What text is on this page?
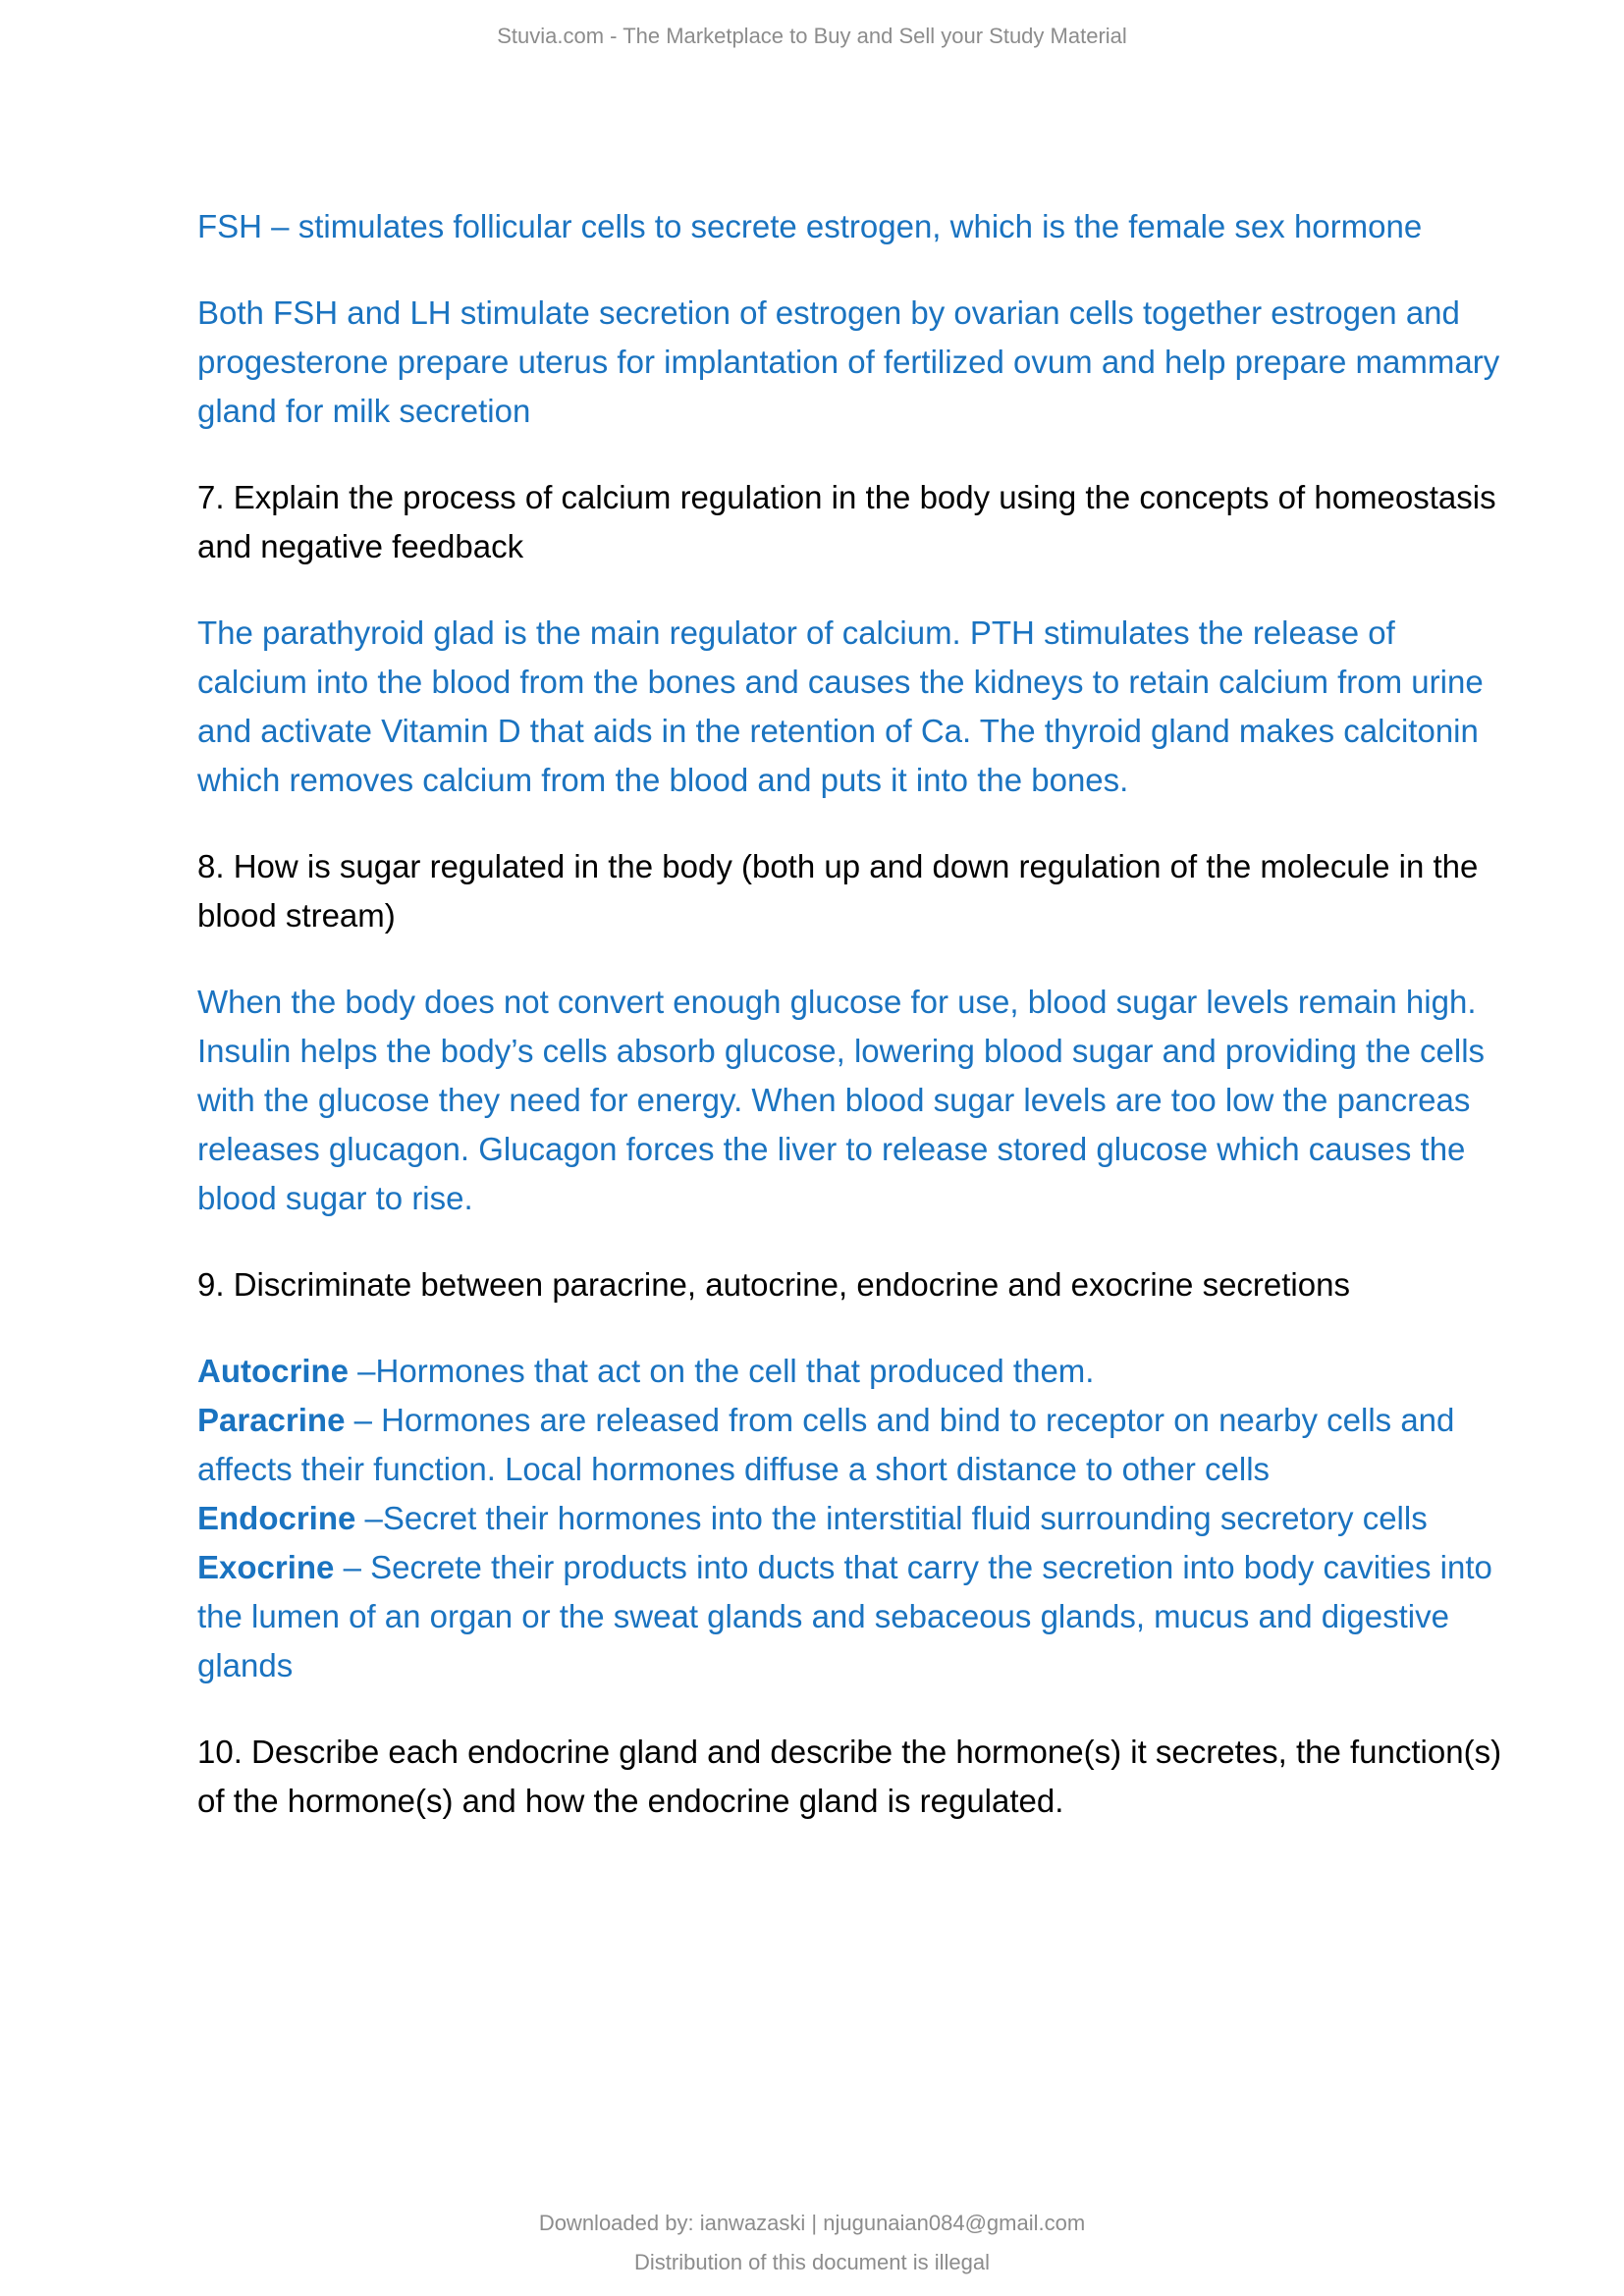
Stuvia.com - The Marketplace to Buy and Sell your Study Material

FSH – stimulates follicular cells to secrete estrogen, which is the female sex hormone

Both FSH and LH stimulate secretion of estrogen by ovarian cells together estrogen and progesterone prepare uterus for implantation of fertilized ovum and help prepare mammary gland for milk secretion

7. Explain the process of calcium regulation in the body using the concepts of homeostasis and negative feedback

The parathyroid glad is the main regulator of calcium. PTH stimulates the release of calcium into the blood from the bones and causes the kidneys to retain calcium from urine and activate Vitamin D that aids in the retention of Ca. The thyroid gland makes calcitonin which removes calcium from the blood and puts it into the bones.

8. How is sugar regulated in the body (both up and down regulation of the molecule in the blood stream)

When the body does not convert enough glucose for use, blood sugar levels remain high. Insulin helps the body’s cells absorb glucose, lowering blood sugar and providing the cells with the glucose they need for energy. When blood sugar levels are too low the pancreas releases glucagon. Glucagon forces the liver to release stored glucose which causes the blood sugar to rise.

9. Discriminate between paracrine, autocrine, endocrine and exocrine secretions

Autocrine –Hormones that act on the cell that produced them.
Paracrine – Hormones are released from cells and bind to receptor on nearby cells and affects their function. Local hormones diffuse a short distance to other cells
Endocrine –Secret their hormones into the interstitial fluid surrounding secretory cells
Exocrine – Secrete their products into ducts that carry the secretion into body cavities into the lumen of an organ or the sweat glands and sebaceous glands, mucus and digestive glands

10. Describe each endocrine gland and describe the hormone(s) it secretes, the function(s) of the hormone(s) and how the endocrine gland is regulated.

Downloaded by: ianwazaski | njugunaian084@gmail.com
Distribution of this document is illegal
